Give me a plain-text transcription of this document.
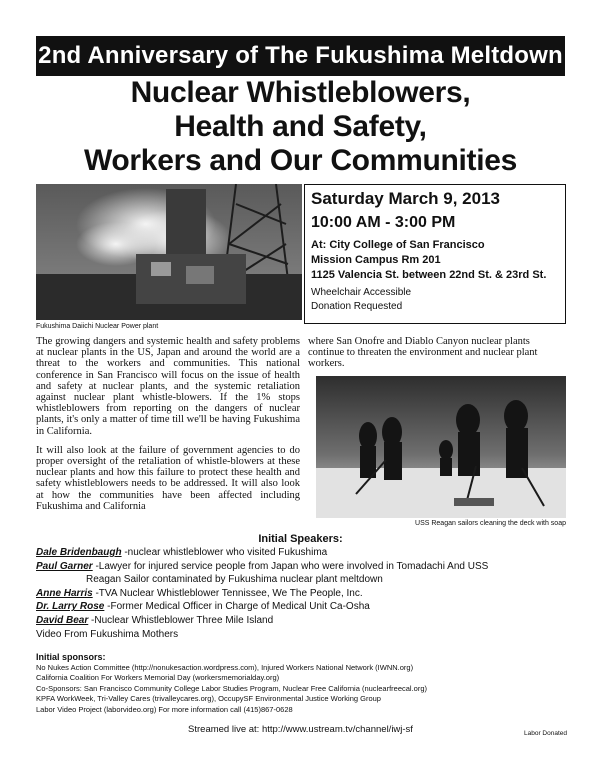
2nd Anniversary of The Fukushima Meltdown
Nuclear Whistleblowers,
Health and Safety,
Workers and Our Communities
Fukushima Daiichi Nuclear Power plant
Saturday March 9, 2013
10:00 AM - 3:00 PM
At: City College of San Francisco
Mission Campus Rm 201
1125 Valencia St. between 22nd St. & 23rd St.
Wheelchair Accessible
Donation Requested

The growing dangers and systemic health and safety problems at nuclear plants in the US, Japan and around the world are a threat to the workers and communities. This national conference in San Francisco will focus on the issue of health and safety at nuclear plants, and the systemic retaliation against nuclear plant whistle-blowers. If the 1% stops whistleblowers from reporting on the dangers of nuclear plants, it's only a matter of time till we'll be having Fukushima in California.

It will also look at the failure of government agencies to do proper oversight of the retaliation of whistle-blowers at these nuclear plants and how this failure to protect these health and safety whistleblowers needs to be addressed. It will also look at how the communities have been affected including Fukushima and California

where San Onofre and Diablo Canyon nuclear plants continue to threaten the environment and nuclear plant workers.

USS Reagan sailors cleaning the deck with soap
Initial Speakers:
Dale Bridenbaugh -nuclear whistleblower who visited Fukushima
Paul Garner -Lawyer for injured service people from Japan who were involved in Tomadachi And USS
Reagan Sailor contaminated by Fukushima nuclear plant meltdown
Anne Harris -TVA Nuclear Whistleblower Tennissee, We The People, Inc.
Dr. Larry Rose -Former Medical Officer in Charge of Medical Unit Ca-Osha
David Bear -Nuclear Whistleblower Three Mile Island
Video From Fukushima Mothers
Initial sponsors:
No Nukes Action Committee (http://nonukesaction.wordpress.com), Injured Workers National Network (IWNN.org)
California Coalition For Workers Memorial Day (workersmemorialday.org)
Co-Sponsors: San Francisco Community College Labor Studies Program, Nuclear Free California (nuclearfreecal.org)
KPFA WorkWeek, Tri-Valley Cares (trivalleycares.org), OccupySF Environmental Justice Working Group
Labor Video Project (laborvideo.org) For more information call (415)867-0628
Streamed live at: http://www.ustream.tv/channel/iwj-sf	Labor Donated
